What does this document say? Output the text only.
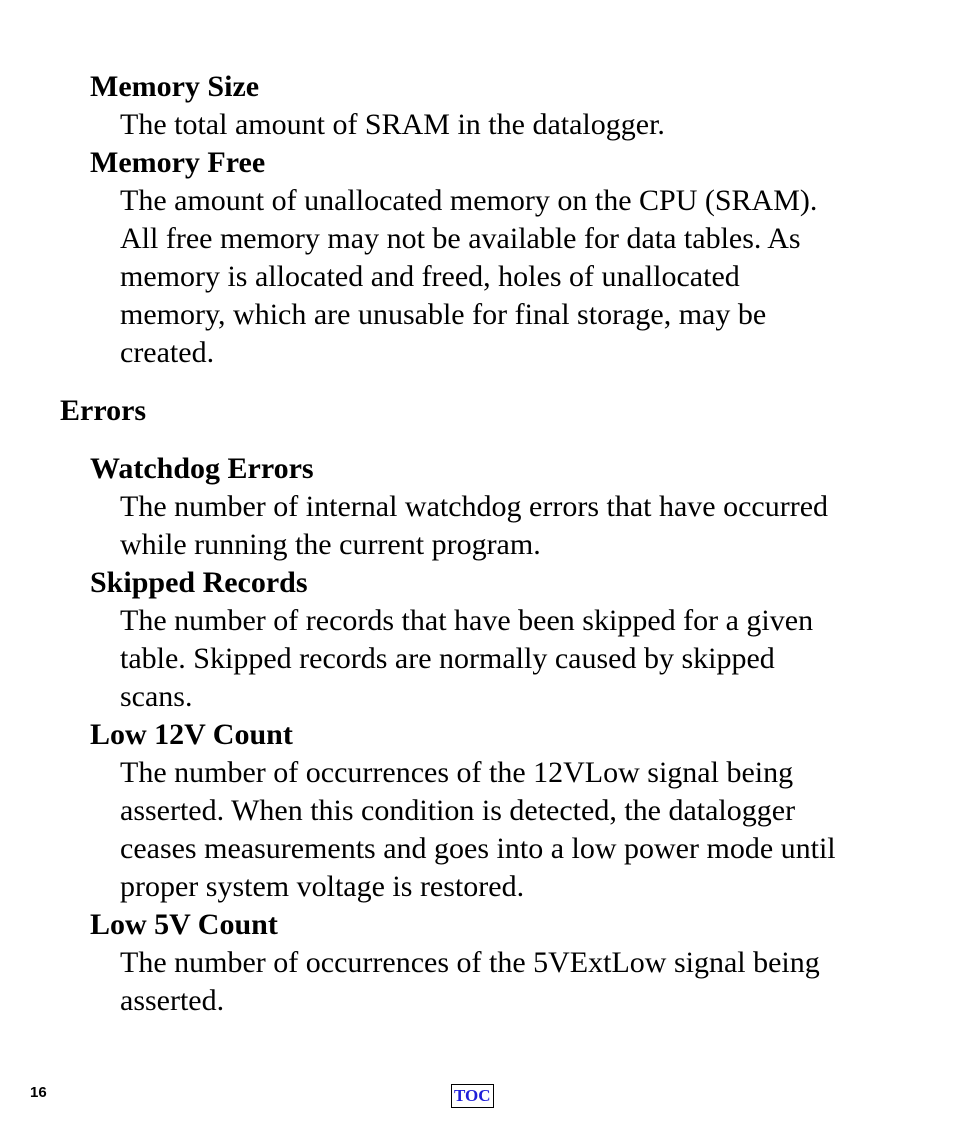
Memory Size
The total amount of SRAM in the datalogger.
Memory Free
The amount of unallocated memory on the CPU (SRAM).
All free memory may not be available for data tables. As
memory is allocated and freed, holes of unallocated
memory, which are unusable for final storage, may be
created.
Errors
Watchdog Errors
The number of internal watchdog errors that have occurred
while running the current program.
Skipped Records
The number of records that have been skipped for a given
table. Skipped records are normally caused by skipped
scans.
Low 12V Count
The number of occurrences of the 12VLow signal being
asserted. When this condition is detected, the datalogger
ceases measurements and goes into a low power mode until
proper system voltage is restored.
Low 5V Count
The number of occurrences of the 5VExtLow signal being
asserted.
16	TOC
